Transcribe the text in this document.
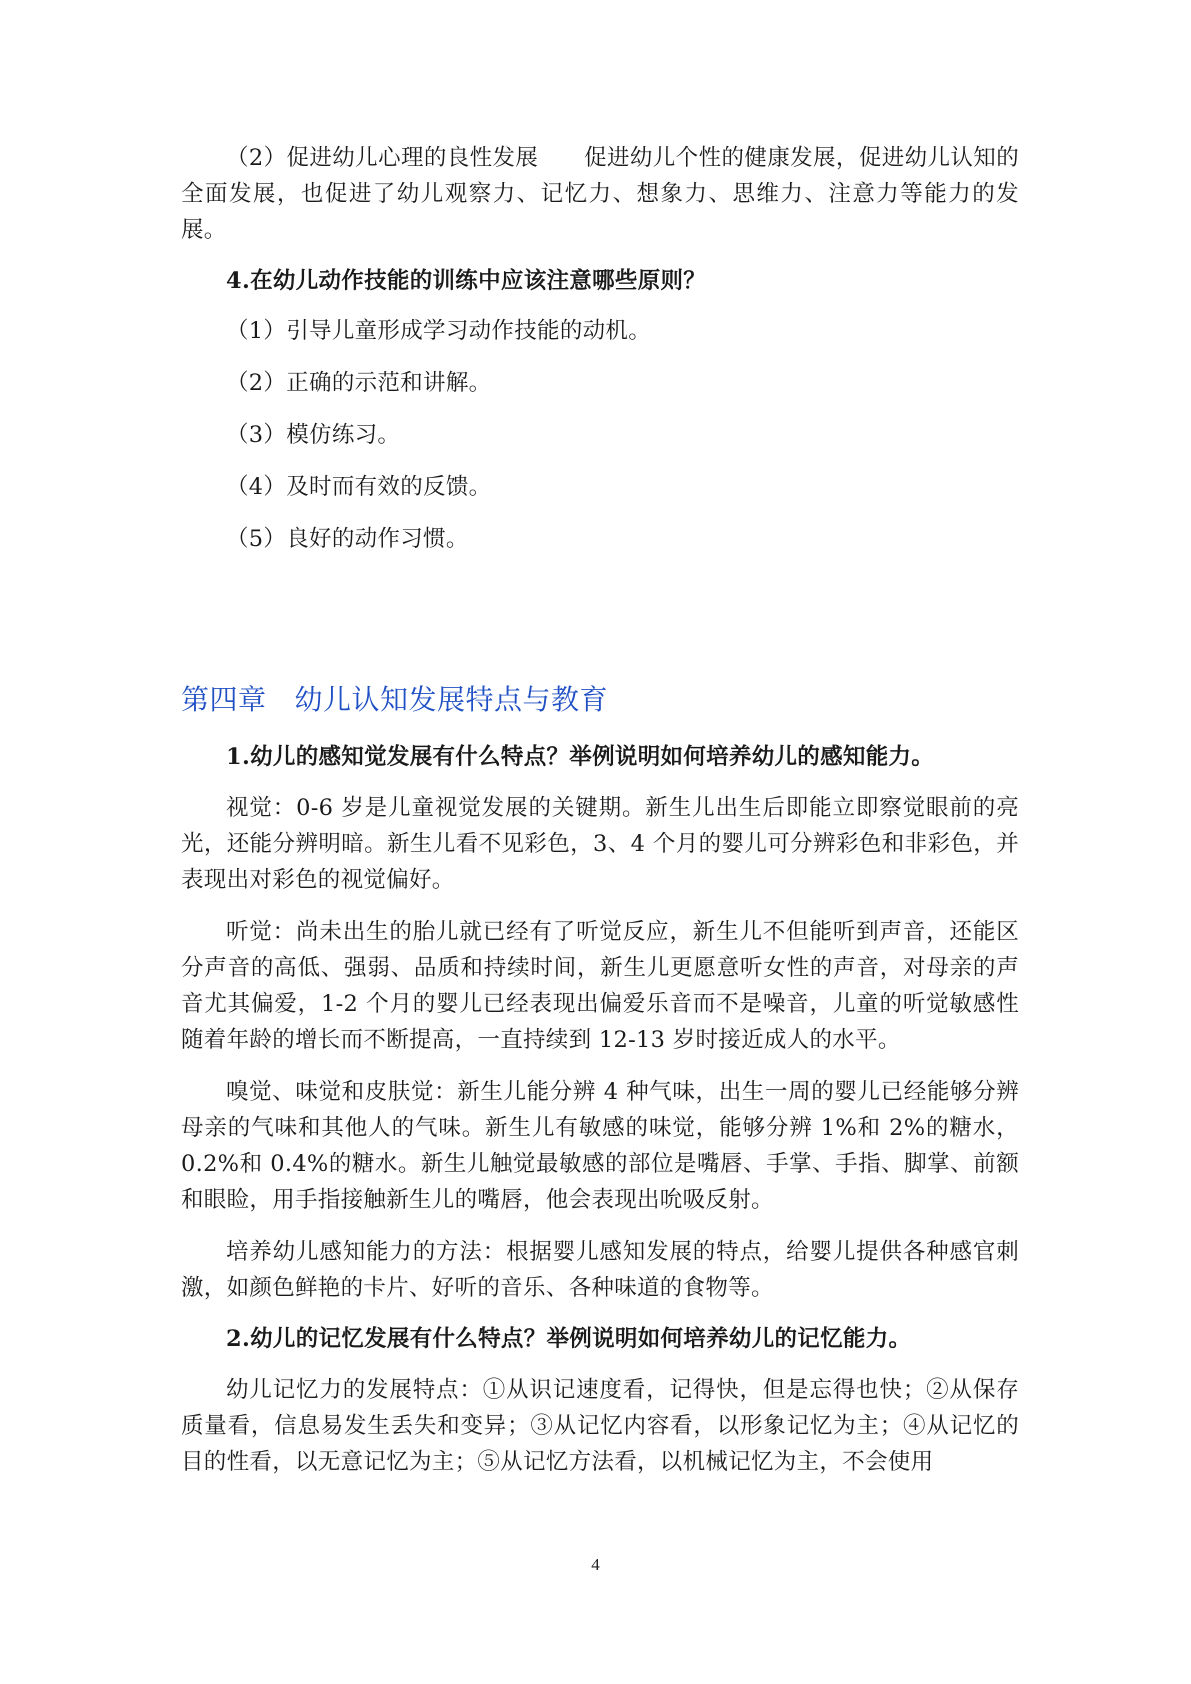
（2）促进幼儿心理的良性发展　　促进幼儿个性的健康发展，促进幼儿认知的全面发展，也促进了幼儿观察力、记忆力、想象力、思维力、注意力等能力的发展。

4.在幼儿动作技能的训练中应该注意哪些原则？

（1）引导儿童形成学习动作技能的动机。

（2）正确的示范和讲解。

（3）模仿练习。

（4）及时而有效的反馈。

（5）良好的动作习惯。

第四章 幼儿认知发展特点与教育

1.幼儿的感知觉发展有什么特点？举例说明如何培养幼儿的感知能力。

视觉：0-6 岁是儿童视觉发展的关键期。新生儿出生后即能立即察觉眼前的亮光，还能分辨明暗。新生儿看不见彩色，3、4 个月的婴儿可分辨彩色和非彩色，并表现出对彩色的视觉偏好。

听觉：尚未出生的胎儿就已经有了听觉反应，新生儿不但能听到声音，还能区分声音的高低、强弱、品质和持续时间，新生儿更愿意听女性的声音，对母亲的声音尤其偏爱，1-2 个月的婴儿已经表现出偏爱乐音而不是噪音，儿童的听觉敏感性随着年龄的增长而不断提高，一直持续到 12-13 岁时接近成人的水平。

嗅觉、味觉和皮肤觉：新生儿能分辨 4 种气味，出生一周的婴儿已经能够分辨母亲的气味和其他人的气味。新生儿有敏感的味觉，能够分辨 1%和 2%的糖水，0.2%和 0.4%的糖水。新生儿触觉最敏感的部位是嘴唇、手掌、手指、脚掌、前额和眼睑，用手指接触新生儿的嘴唇，他会表现出吮吸反射。

培养幼儿感知能力的方法：根据婴儿感知发展的特点，给婴儿提供各种感官刺激，如颜色鲜艳的卡片、好听的音乐、各种味道的食物等。

2.幼儿的记忆发展有什么特点？举例说明如何培养幼儿的记忆能力。

幼儿记忆力的发展特点：①从识记速度看，记得快，但是忘得也快；②从保存质量看，信息易发生丢失和变异；③从记忆内容看，以形象记忆为主；④从记忆的目的性看，以无意记忆为主；⑤从记忆方法看，以机械记忆为主，不会使用

4
